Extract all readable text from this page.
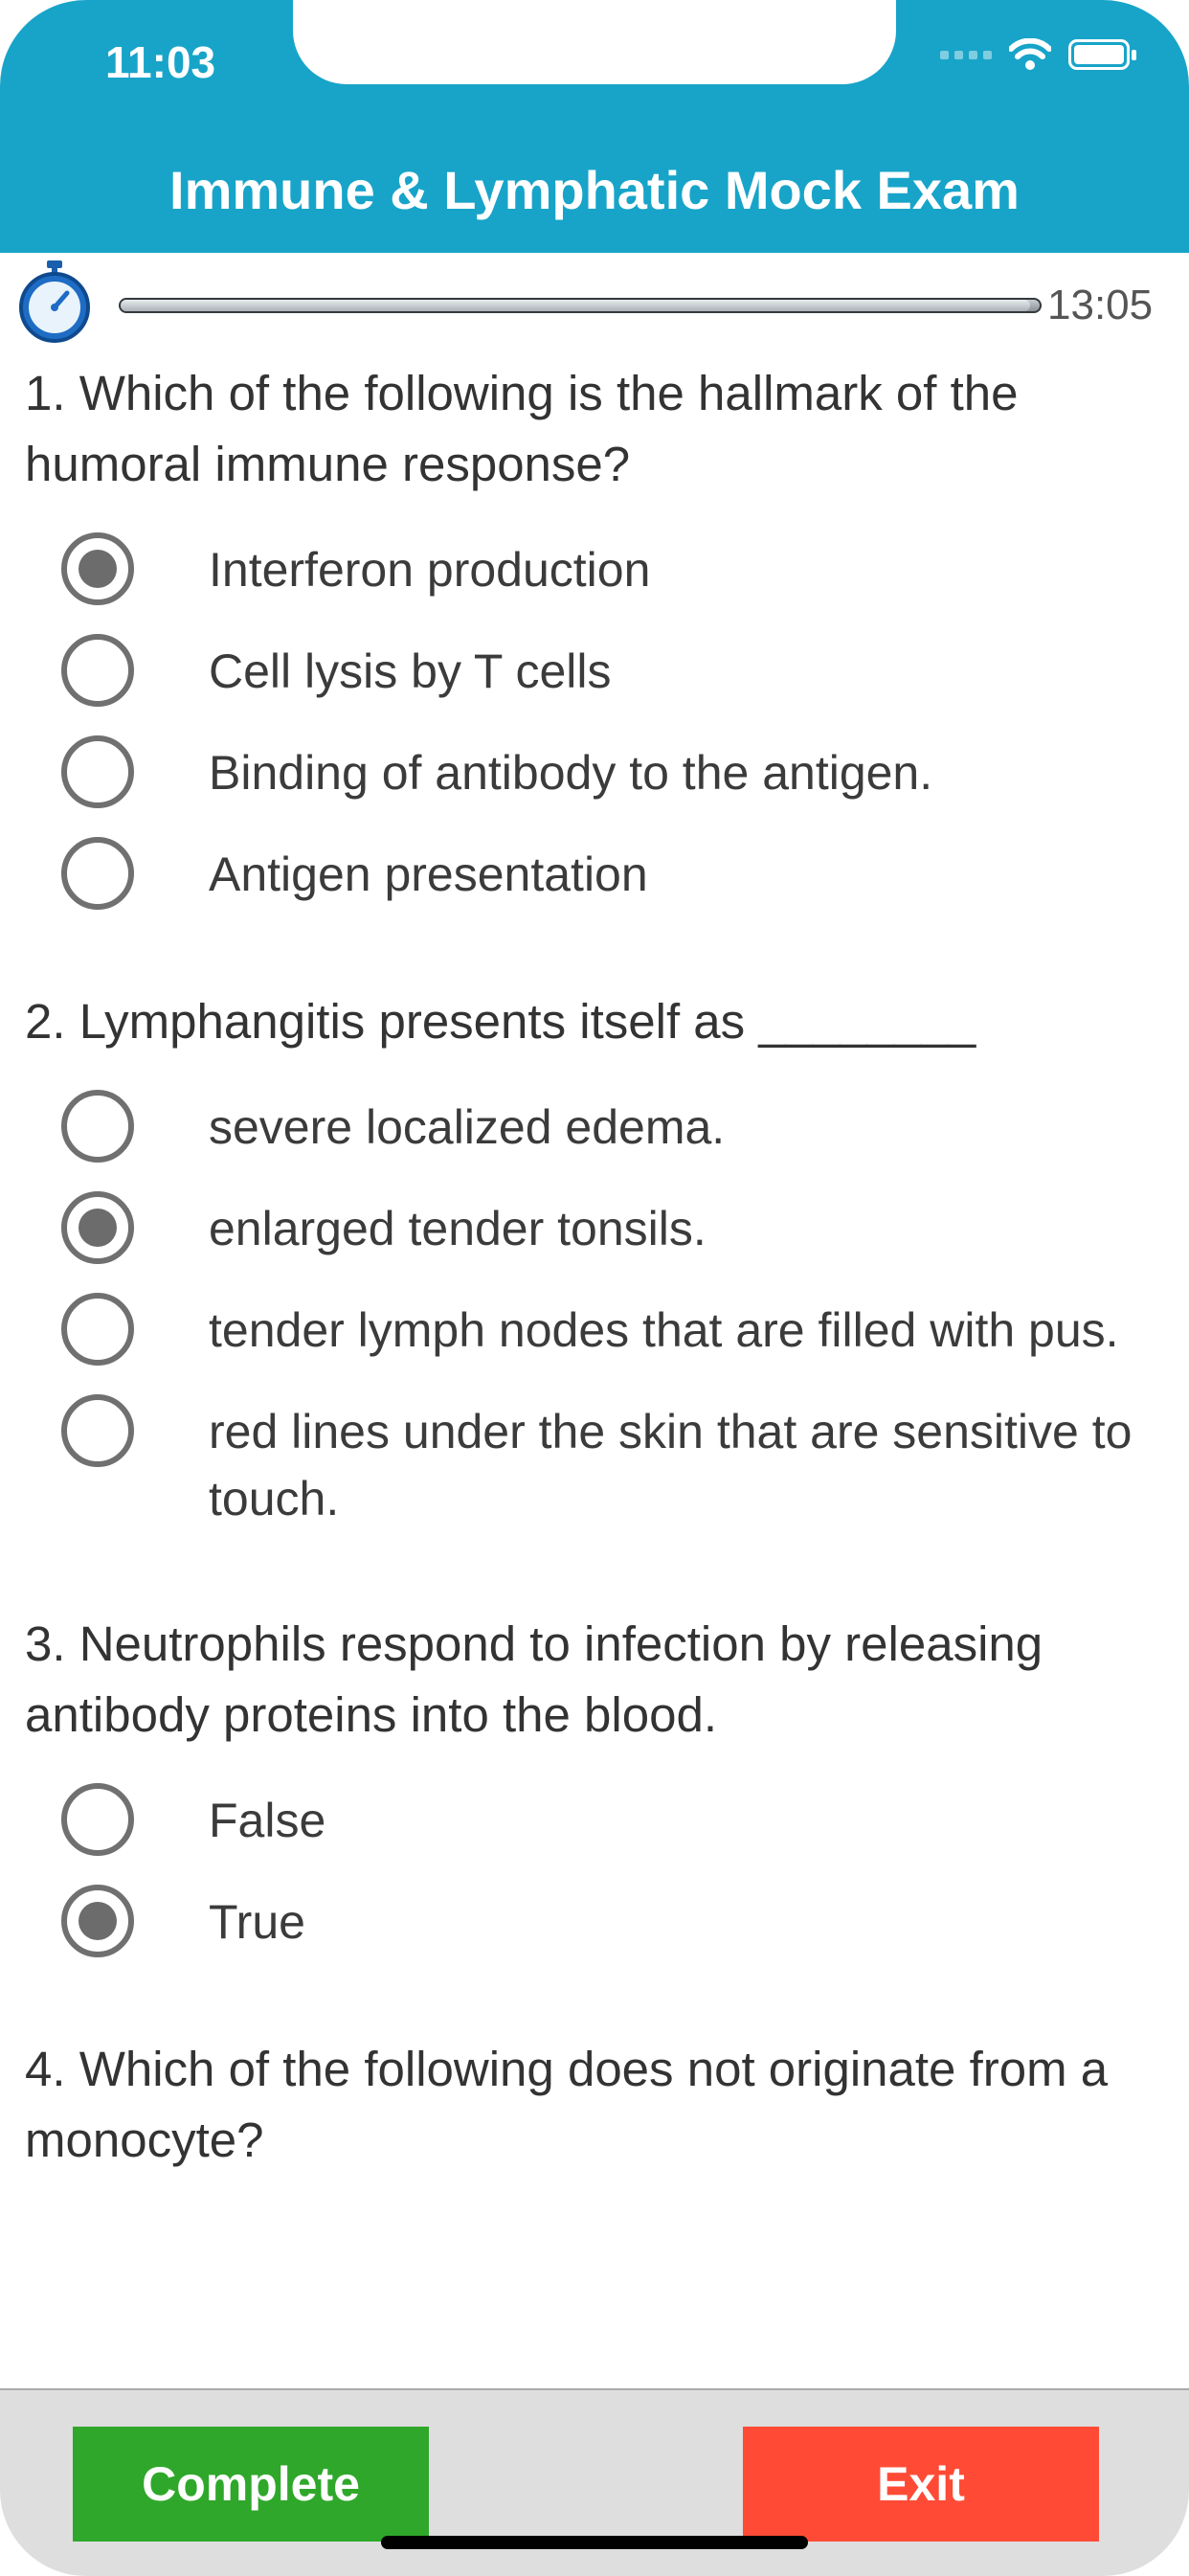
11:03
Immune & Lymphatic Mock Exam
13:05

1. Which of the following is the hallmark of the humoral immune response?

Interferon production
Cell lysis by T cells
Binding of antibody to the antigen.
Antigen presentation

2. Lymphangitis presents itself as ________

severe localized edema.
enlarged tender tonsils.
tender lymph nodes that are filled with pus.
red lines under the skin that are sensitive to touch.

3. Neutrophils respond to infection by releasing antibody proteins into the blood.

False
True

4. Which of the following does not originate from a monocyte?

Complete	Exit
